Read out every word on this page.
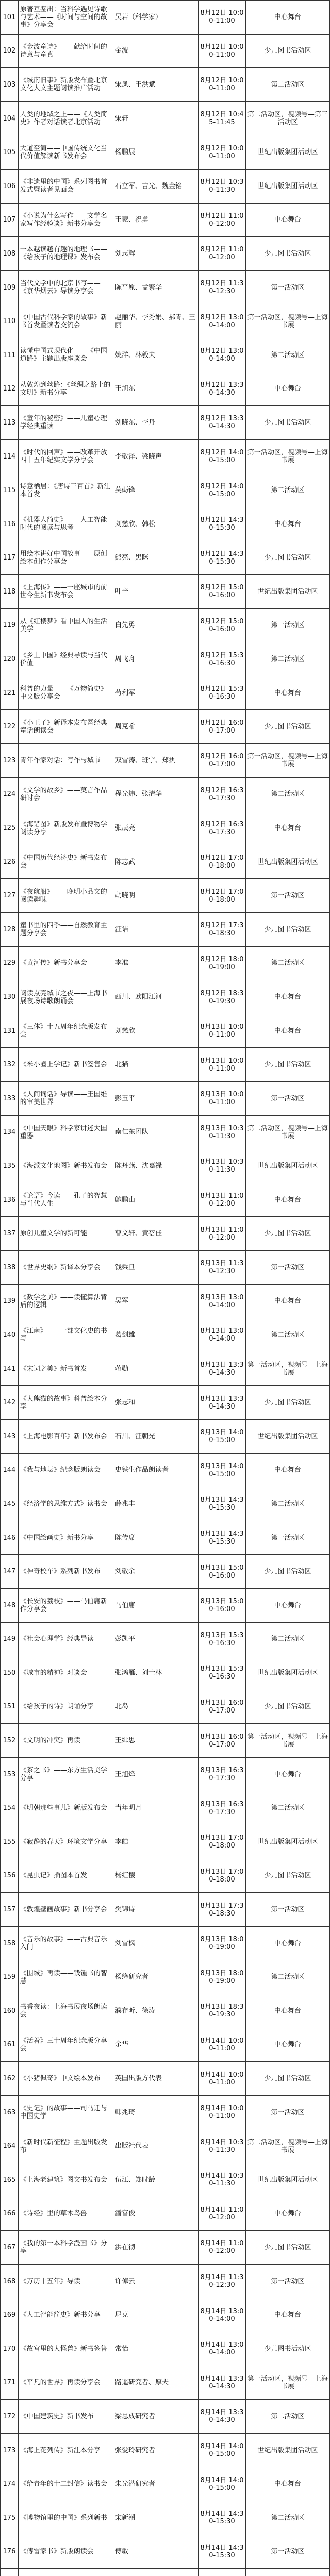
101	原著互鉴出：当科学遇见诗歌与艺术——《时间与空间的故事》分享会	吴岩（科学家）	8月12日 10:00-11:00	中心舞台
102	《金波童诗》——献给时间的诗意与童真	金波	8月12日 10:00-11:00	少儿图书活动区
103	《城南旧事》新版发布暨北京文化人文主题阅读推广活动	宋凤、王洪斌	8月12日 10:00-11:00	第二活动区
104	人类的地域之上——《人类简史》作者对话读者北京活动	宋轩	8月12日 10:45-11:45	第二活动区，视频号—第三活动区
105	大道至简——中国传统文化当代价值解读新书发布会	杨鹏展	8月12日 10:00-11:00	世纪出版集团活动区
106	《非遗里的中国》系列图书首发式暨读者见面会	石立军、吉光、魏金铭	8月12日 10:30-11:30	世纪出版集团活动区
107	《小说为什么写作——文学名家写作经验谈》新书分享会	王蒙、祝勇	8月12日 11:00-12:00	中心舞台
108	一本越读越有趣的地理书——《给孩子的地理课》发布会	刘志辉	8月12日 11:00-12:00	少儿图书活动区
109	当代文学中的北京书写——《京华烟云》导读分享会	陈平原、孟繁华	8月12日 11:30-12:30	第一活动区
110	《中国古代科学家的故事》新书首发暨读者交流会	赵丽华、李秀娟、郝青、王丽	8月12日 13:00-14:00	第一活动区，视频号—上海书展
111	读懂中国式现代化——《中国道路》主题出版座谈会	姚洋、林毅夫	8月12日 13:00-14:00	第二活动区
112	从敦煌到丝路：《丝绸之路上的文明》新书分享	王旭东	8月12日 13:30-14:30	中心舞台
113	《童年的秘密》——儿童心理学经典重读	刘晓东、李丹	8月12日 13:30-14:30	少儿图书活动区
114	《时代的回声》——改革开放四十五年纪实文学分享会	李敬泽、梁晓声	8月12日 14:00-15:00	第一活动区，视频号—上海书展
115	诗意栖居：《唐诗三百首》新注本首发	莫砺锋	8月12日 14:00-15:00	第二活动区
116	《机器人简史》——人工智能时代的阅读与思考	刘慈欣、韩松	8月12日 14:30-15:30	中心舞台
117	用绘本讲好中国故事——原创绘本创作分享会	熊亮、黑眯	8月12日 14:30-15:30	少儿图书活动区
118	《上海传》——一座城市的前世今生新书发布会	叶辛	8月12日 15:00-16:00	世纪出版集团活动区
119	从《红楼梦》看中国人的生活美学	白先勇	8月12日 15:00-16:00	第一活动区
120	《乡土中国》经典导读与当代价值	周飞舟	8月12日 15:30-16:30	第二活动区
121	科普的力量——《万物简史》中文版分享会	苟利军	8月12日 15:30-16:30	中心舞台
122	《小王子》新译本发布暨经典童话朗读会	周克希	8月12日 16:00-17:00	少儿图书活动区
123	青年作家对话：写作与城市	双雪涛、班宇、郑执	8月12日 16:00-17:00	第一活动区，视频号—上海书展
124	《文学的故乡》——莫言作品研讨会	程光炜、张清华	8月12日 16:30-17:30	第二活动区
125	《海错图》新版发布暨博物学阅读分享	张辰亮	8月12日 16:30-17:30	中心舞台
126	《中国历代经济史》新书发布会	陈志武	8月12日 17:00-18:00	世纪出版集团活动区
127	《夜航船》——晚明小品文的阅读趣味	胡晓明	8月12日 17:00-18:00	第一活动区
128	童书里的四季——自然教育主题分享会	汪诘	8月12日 17:30-18:30	少儿图书活动区
129	《黄河传》新书分享会	李准	8月12日 18:00-19:00	第二活动区
130	阅读点亮城市之夜——上海书展夜场诗歌朗诵会	西川、欧阳江河	8月12日 18:30-19:30	中心舞台
131	《三体》十五周年纪念版发布会	刘慈欣	8月13日 10:00-11:00	中心舞台
132	《米小圈上学记》新书签售会	北猫	8月13日 10:00-11:00	少儿图书活动区
133	《人间词话》导读——王国维的审美世界	彭玉平	8月13日 10:00-11:00	第一活动区
134	《中国天眼》科学家讲述大国重器	南仁东团队	8月13日 10:30-11:30	第二活动区，视频号—上海书展
135	《海派文化地图》新书发布会	陈丹燕、沈嘉禄	8月13日 10:30-11:30	世纪出版集团活动区
136	《论语》今读——孔子的智慧与当代人生	鲍鹏山	8月13日 11:00-12:00	中心舞台
137	原创儿童文学的新可能	曹文轩、黄蓓佳	8月13日 11:00-12:00	少儿图书活动区
138	《世界史纲》新译本分享会	钱乘旦	8月13日 11:30-12:30	第一活动区
139	《数学之美》——读懂算法背后的逻辑	吴军	8月13日 13:00-14:00	中心舞台
140	《江南》——一部文化史的书写	葛剑雄	8月13日 13:00-14:00	第二活动区
141	《宋词之美》新书首发	蒋勋	8月13日 13:30-14:30	第一活动区，视频号—上海书展
142	《大熊猫的故事》科普绘本分享	张志和	8月13日 13:30-14:30	少儿图书活动区
143	《上海电影百年》新书发布会	石川、汪朝光	8月13日 14:00-15:00	世纪出版集团活动区
144	《我与地坛》纪念版朗读会	史铁生作品朗读者	8月13日 14:00-15:00	中心舞台
145	《经济学的思维方式》读书会	薛兆丰	8月13日 14:30-15:30	第二活动区
146	《中国绘画史》新书分享	陈传席	8月13日 14:30-15:30	第一活动区
147	《神奇校车》系列新书发布	刘敬余	8月13日 15:00-16:00	少儿图书活动区
148	《长安的荔枝》——马伯庸新作分享会	马伯庸	8月13日 15:00-16:00	中心舞台
149	《社会心理学》经典导读	彭凯平	8月13日 15:30-16:30	第二活动区
150	《城市的精神》对谈会	张鸿雁、刘士林	8月13日 15:30-16:30	世纪出版集团活动区
151	《给孩子的诗》朗诵分享	北岛	8月13日 16:00-17:00	少儿图书活动区
152	《文明的冲突》再读	王缉思	8月13日 16:00-17:00	第一活动区，视频号—上海书展
153	《茶之书》——东方生活美学分享	王旭烽	8月13日 16:30-17:30	中心舞台
154	《明朝那些事儿》新版发布会	当年明月	8月13日 16:30-17:30	第二活动区
155	《寂静的春天》环境文学分享	李皓	8月13日 17:00-18:00	世纪出版集团活动区
156	《昆虫记》插图本首发	杨红樱	8月13日 17:00-18:00	少儿图书活动区
157	《敦煌壁画故事》新书分享会	樊锦诗	8月13日 17:30-18:30	第一活动区
158	《音乐的故事》——古典音乐入门	刘雪枫	8月13日 18:00-19:00	中心舞台
159	《围城》再读——钱锺书的智慧	杨绛研究者	8月13日 18:00-19:00	第二活动区
160	书香夜读：上海书展夜场朗读会	濮存昕、徐涛	8月13日 18:30-19:30	中心舞台
161	《活着》三十周年纪念版分享会	余华	8月14日 10:00-11:00	中心舞台
162	《小猪佩奇》中文绘本发布	英国出版方代表	8月14日 10:00-11:00	少儿图书活动区
163	《史记》的故事——司马迁与中国史学	韩兆琦	8月14日 10:00-11:00	第一活动区
164	《新时代新征程》主题出版发布	出版社代表	8月14日 10:30-11:30	第二活动区，视频号—上海书展
165	《上海老建筑》图文书发布会	伍江、郑时龄	8月14日 10:30-11:30	世纪出版集团活动区
166	《诗经》里的草木鸟兽	潘富俊	8月14日 11:00-12:00	中心舞台
167	《我的第一本科学漫画书》分享	洪在彻	8月14日 11:00-12:00	少儿图书活动区
168	《万历十五年》导读	许倬云	8月14日 11:30-12:30	第一活动区
169	《人工智能简史》新书分享	尼克	8月14日 13:00-14:00	中心舞台
170	《故宫里的大怪兽》新书签售	常怡	8月14日 13:00-14:00	少儿图书活动区
171	《平凡的世界》再读分享会	路遥研究者、厚夫	8月14日 13:30-14:30	第一活动区，视频号—上海书展
172	《中国建筑史》新书发布	梁思成研究者	8月14日 13:30-14:30	第二活动区
173	《海上花列传》新注本分享	张爱玲研究者	8月14日 14:00-15:00	世纪出版集团活动区
174	《给青年的十二封信》读书会	朱光潜研究者	8月14日 14:00-15:00	中心舞台
175	《博物馆里的中国》系列新书	宋新潮	8月14日 14:30-15:30	第二活动区
176	《傅雷家书》新版朗读会	傅敏	8月14日 14:30-15:30	第一活动区
